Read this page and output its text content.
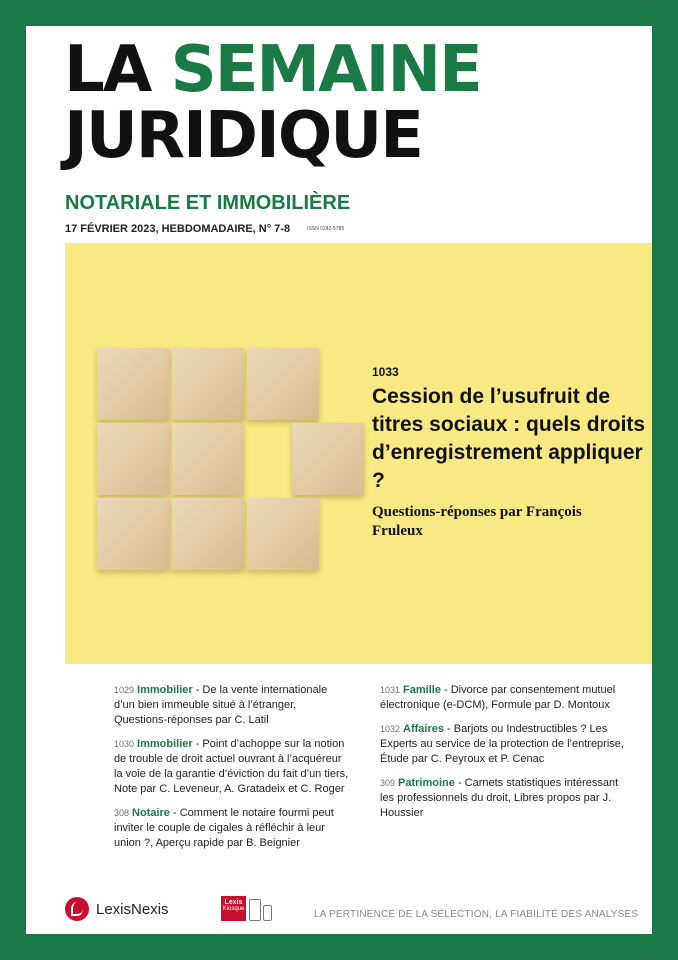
LA SEMAINE
JURIDIQUE
NOTARIALE ET IMMOBILIÈRE
17 FÉVRIER 2023, HEBDOMADAIRE, N° 7-8	ISSN 0242-5785
1033
Cession de l’usufruit de titres sociaux : quels droits d’enregistrement appliquer ?
Questions-réponses par François Fruleux
1029 Immobilier - De la vente internationale d’un bien immeuble situé à l’étranger, Questions-réponses par C. Latil
1030 Immobilier - Point d’achoppe sur la notion de trouble de droit actuel ouvrant à l’acquéreur la voie de la garantie d’éviction du fait d’un tiers, Note par C. Leveneur, A. Gratadeix et C. Roger
308 Notaire - Comment le notaire fourmi peut inviter le couple de cigales à réfléchir à leur union ?, Aperçu rapide par B. Beignier
1031 Famille - Divorce par consentement mutuel électronique (e-DCM), Formule par D. Montoux
1032 Affaires - Barjots ou Indestructibles ? Les Experts au service de la protection de l’entreprise, Étude par C. Peyroux et P. Cenac
309 Patrimoine - Carnets statistiques intéressant les professionnels du droit, Libres propos par J. Houssier
LexisNexis	Lexis
Kiosque	LA PERTINENCE DE LA SÉLECTION, LA FIABILITÉ DES ANALYSES
